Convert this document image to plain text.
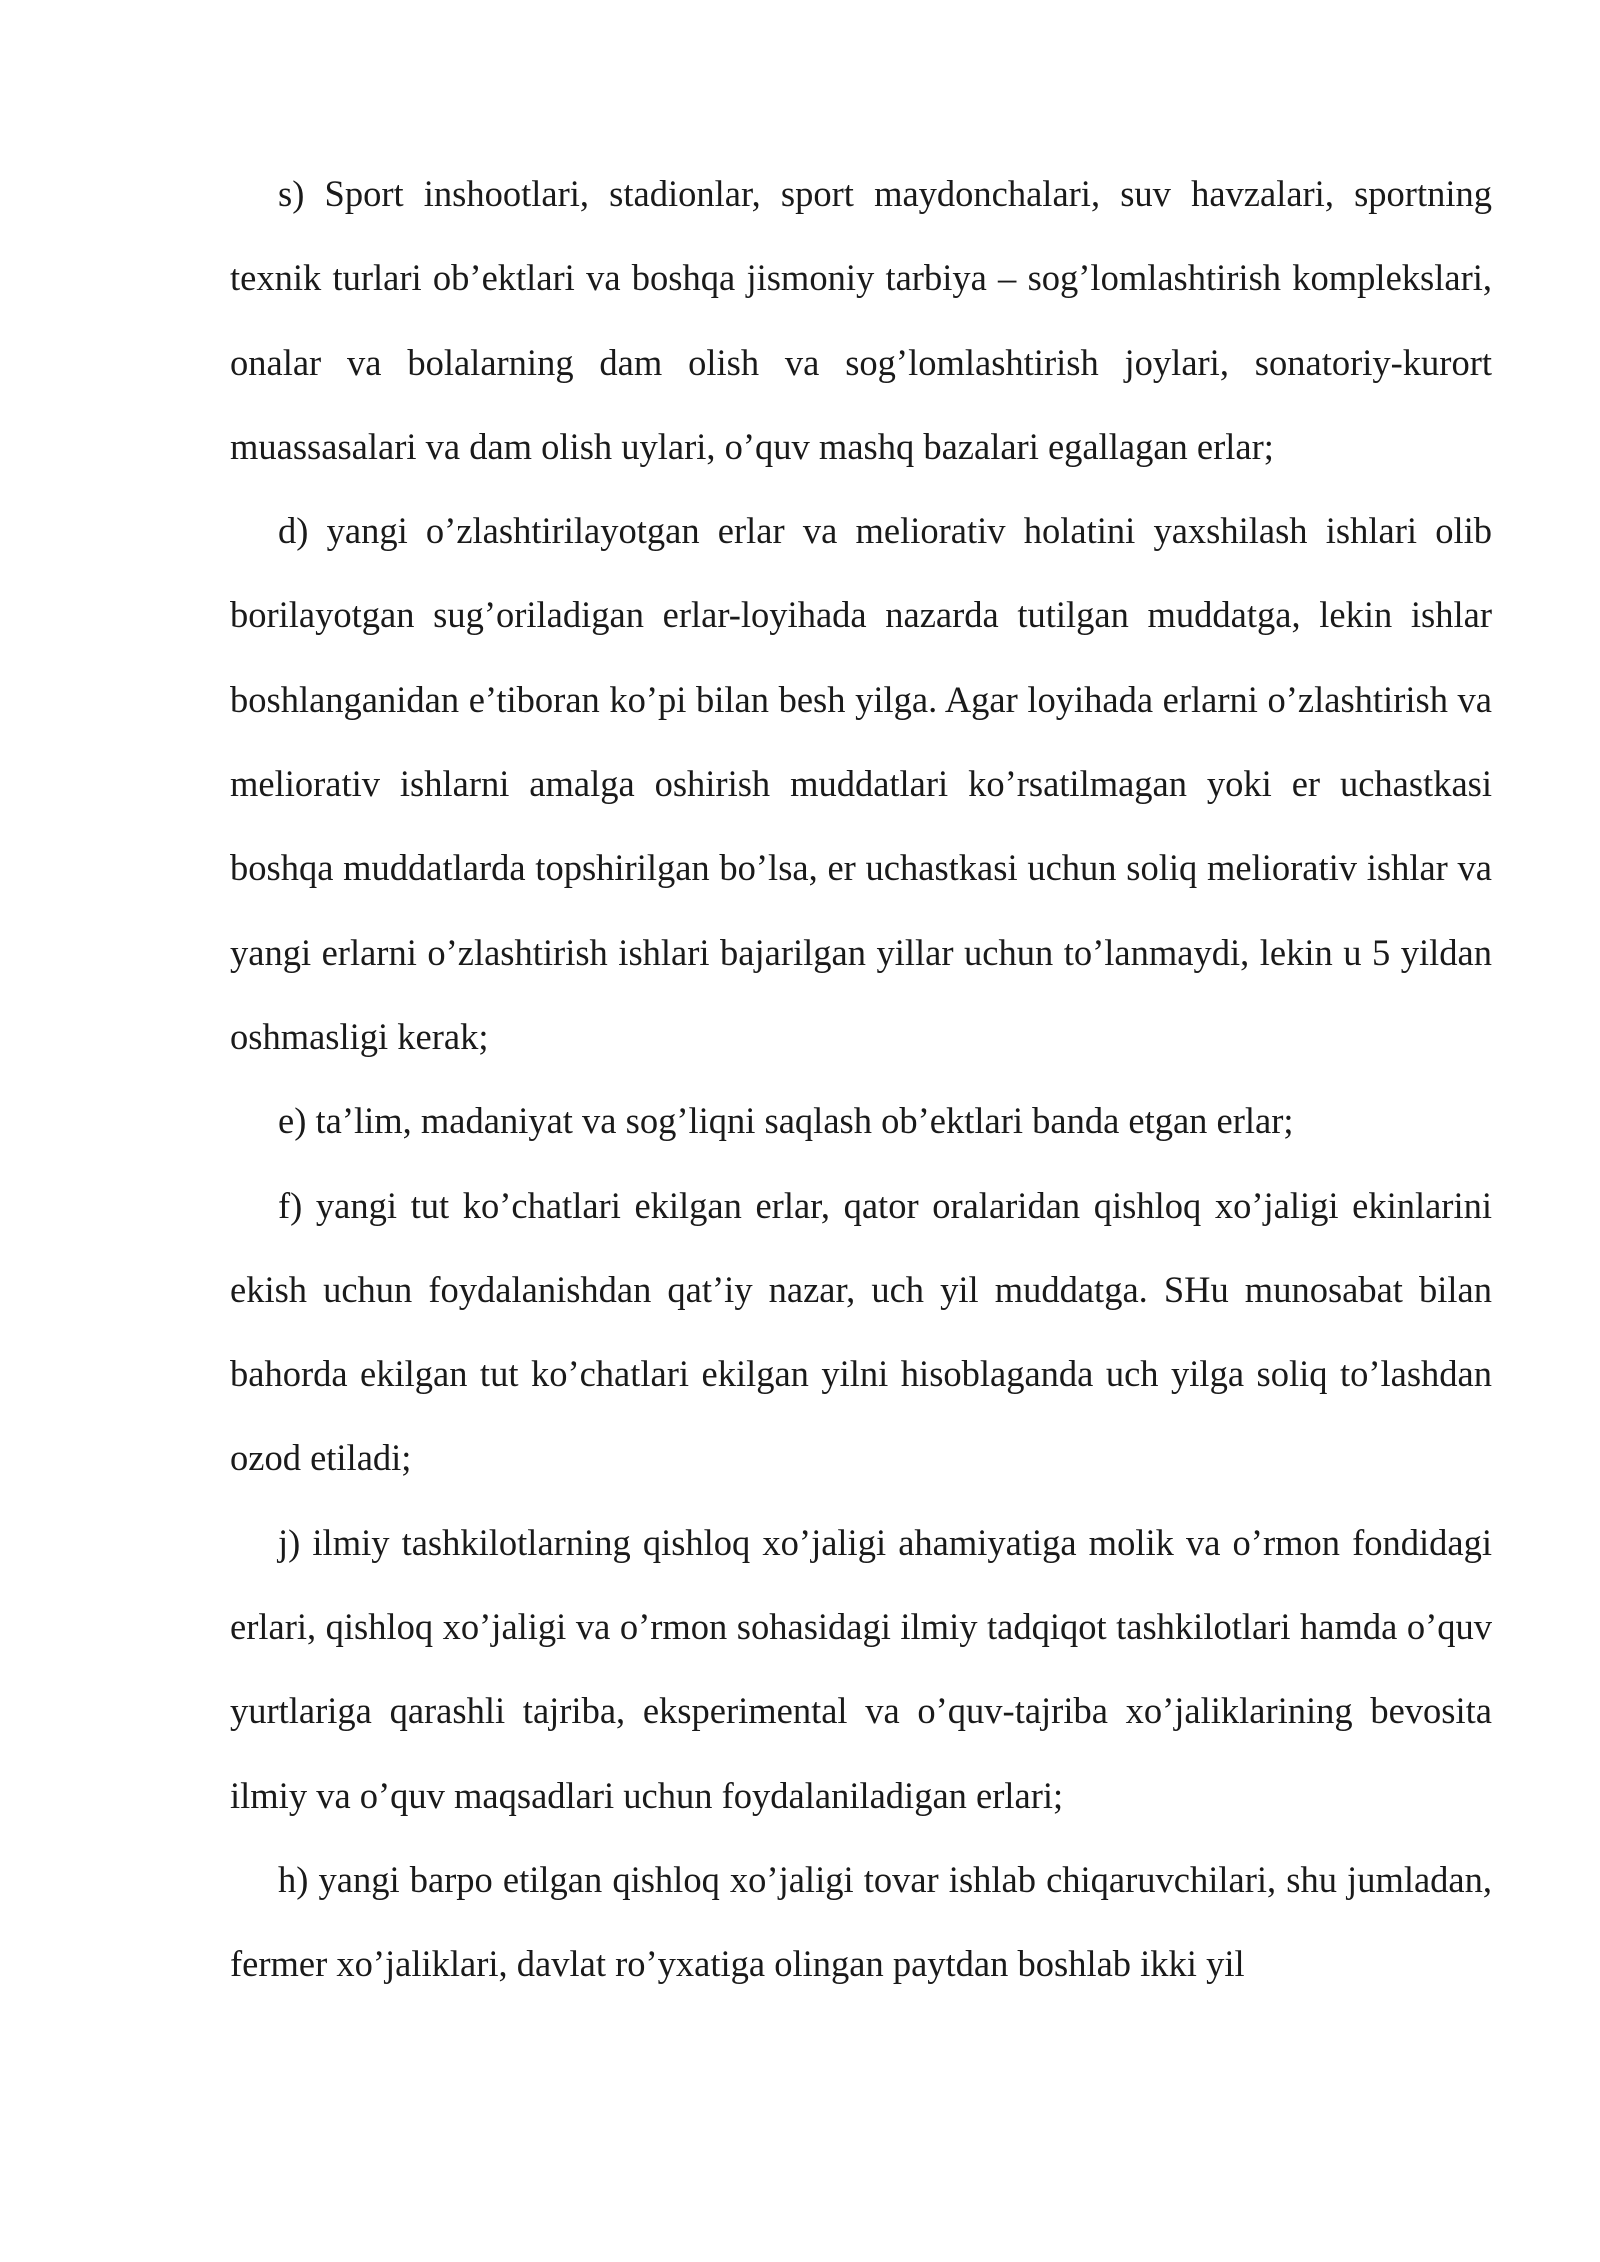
s) Sport inshootlari, stadionlar, sport maydonchalari, suv havzalari, sportning texnik turlari ob’ektlari va boshqa jismoniy tarbiya – sog’lomlashtirish komplekslari, onalar va bolalarning dam olish va sog’lomlashtirish joylari, sonatoriy-kurort muassasalari va dam olish uylari, o’quv mashq bazalari egallagan erlar;

d) yangi o’zlashtirilayotgan erlar va meliorativ holatini yaxshilash ishlari olib borilayotgan sug’oriladigan erlar-loyihada nazarda tutilgan muddatga, lekin ishlar boshlanganidan e’tiboran ko’pi bilan besh yilga. Agar loyihada erlarni o’zlashtirish va meliorativ ishlarni amalga oshirish muddatlari ko’rsatilmagan yoki er uchastkasi boshqa muddatlarda topshirilgan bo’lsa, er uchastkasi uchun soliq meliorativ ishlar va yangi erlarni o’zlashtirish ishlari bajarilgan yillar uchun to’lanmaydi, lekin u 5 yildan oshmasligi kerak;

e) ta’lim, madaniyat va sog’liqni saqlash ob’ektlari banda etgan erlar;

f) yangi tut ko’chatlari ekilgan erlar, qator oralaridan qishloq xo’jaligi ekinlarini ekish uchun foydalanishdan qat’iy nazar, uch yil muddatga. SHu munosabat bilan bahorda ekilgan tut ko’chatlari ekilgan yilni hisoblaganda uch yilga soliq to’lashdan ozod etiladi;

j) ilmiy tashkilotlarning qishloq xo’jaligi ahamiyatiga molik va o’rmon fondidagi erlari, qishloq xo’jaligi va o’rmon sohasidagi ilmiy tadqiqot tashkilotlari hamda o’quv yurtlariga qarashli tajriba, eksperimental va o’quv-tajriba xo’jaliklarining bevosita ilmiy va o’quv maqsadlari uchun foydalaniladigan erlari;

h) yangi barpo etilgan qishloq xo’jaligi tovar ishlab chiqaruvchilari, shu jumladan, fermer xo’jaliklari, davlat ro’yxatiga olingan paytdan boshlab ikki yil
